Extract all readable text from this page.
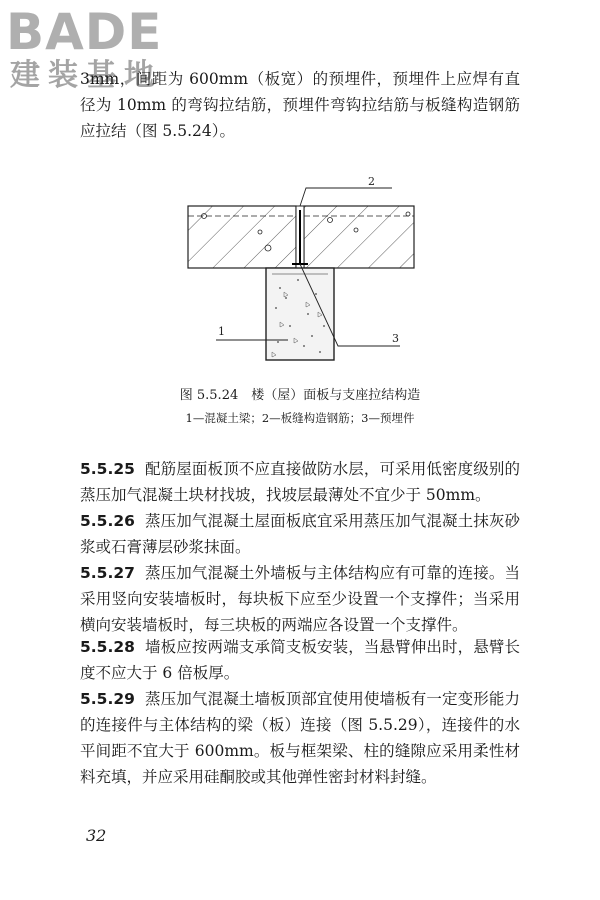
BADE
建装基地

3mm，间距为 600mm（板宽）的预埋件，预埋件上应焊有直径为 10mm 的弯钩拉结筋，预埋件弯钩拉结筋与板缝构造钢筋应拉结（图 5.5.24）。

2
3
1
图 5.5.24　楼（屋）面板与支座拉结构造
1—混凝土梁；2—板缝构造钢筋；3—预埋件

5.5.25 配筋屋面板顶不应直接做防水层，可采用低密度级别的蒸压加气混凝土块材找坡，找坡层最薄处不宜少于 50mm。

5.5.26 蒸压加气混凝土屋面板底宜采用蒸压加气混凝土抹灰砂浆或石膏薄层砂浆抹面。

5.5.27 蒸压加气混凝土外墙板与主体结构应有可靠的连接。当采用竖向安装墙板时，每块板下应至少设置一个支撑件；当采用横向安装墙板时，每三块板的两端应各设置一个支撑件。

5.5.28 墙板应按两端支承简支板安装，当悬臂伸出时，悬臂长度不应大于 6 倍板厚。

5.5.29 蒸压加气混凝土墙板顶部宜使用使墙板有一定变形能力的连接件与主体结构的梁（板）连接（图 5.5.29），连接件的水平间距不宜大于 600mm。板与框架梁、柱的缝隙应采用柔性材料充填，并应采用硅酮胶或其他弹性密封材料封缝。

32
